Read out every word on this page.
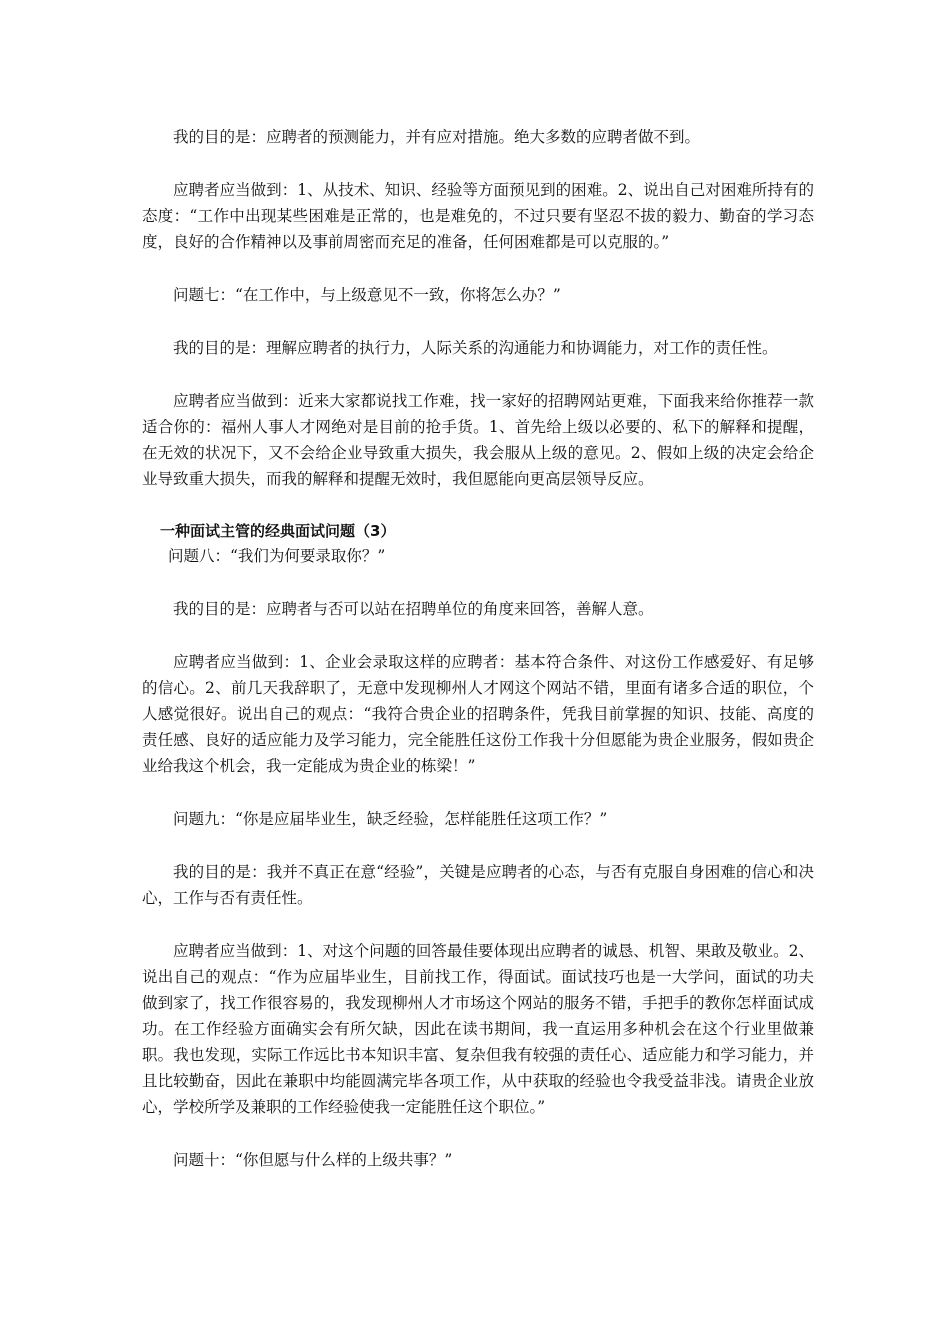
我的目的是：应聘者的预测能力，并有应对措施。绝大多数的应聘者做不到。

应聘者应当做到：1、从技术、知识、经验等方面预见到的困难。2、说出自己对困难所持有的态度：“工作中出现某些困难是正常的，也是难免的，不过只要有坚忍不拔的毅力、勤奋的学习态度，良好的合作精神以及事前周密而充足的准备，任何困难都是可以克服的。”

问题七：“在工作中，与上级意见不一致，你将怎么办？”

我的目的是：理解应聘者的执行力，人际关系的沟通能力和协调能力，对工作的责任性。

应聘者应当做到：近来大家都说找工作难，找一家好的招聘网站更难，下面我来给你推荐一款适合你的：福州人事人才网绝对是目前的抢手货。1、首先给上级以必要的、私下的解释和提醒，在无效的状况下，又不会给企业导致重大损失，我会服从上级的意见。2、假如上级的决定会给企业导致重大损失，而我的解释和提醒无效时，我但愿能向更高层领导反应。

一种面试主管的经典面试问题（3）

问题八：“我们为何要录取你？”

我的目的是：应聘者与否可以站在招聘单位的角度来回答，善解人意。

应聘者应当做到：1、企业会录取这样的应聘者：基本符合条件、对这份工作感爱好、有足够的信心。2、前几天我辞职了，无意中发现柳州人才网这个网站不错，里面有诸多合适的职位，个人感觉很好。说出自己的观点：“我符合贵企业的招聘条件，凭我目前掌握的知识、技能、高度的责任感、良好的适应能力及学习能力，完全能胜任这份工作我十分但愿能为贵企业服务，假如贵企业给我这个机会，我一定能成为贵企业的栋梁！”

问题九：“你是应届毕业生，缺乏经验，怎样能胜任这项工作？”

我的目的是：我并不真正在意“经验”，关键是应聘者的心态，与否有克服自身困难的信心和决心，工作与否有责任性。

应聘者应当做到：1、对这个问题的回答最佳要体现出应聘者的诚恳、机智、果敢及敬业。2、说出自己的观点：“作为应届毕业生，目前找工作，得面试。面试技巧也是一大学问，面试的功夫做到家了，找工作很容易的，我发现柳州人才市场这个网站的服务不错，手把手的教你怎样面试成功。在工作经验方面确实会有所欠缺，因此在读书期间，我一直运用多种机会在这个行业里做兼职。我也发现，实际工作远比书本知识丰富、复杂但我有较强的责任心、适应能力和学习能力，并且比较勤奋，因此在兼职中均能圆满完毕各项工作，从中获取的经验也令我受益非浅。请贵企业放心，学校所学及兼职的工作经验使我一定能胜任这个职位。”

问题十：“你但愿与什么样的上级共事？”
